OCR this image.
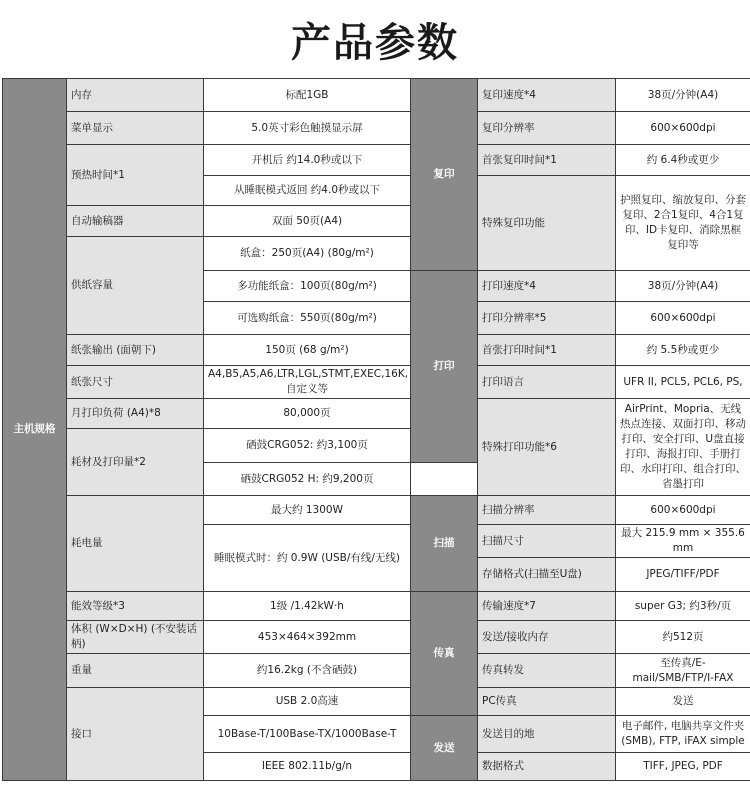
产品参数
主机规格	内存	标配1GB	复印	复印速度*4	38页/分钟(A4)
	菜单显示	5.0英寸彩色触摸显示屏		复印分辨率	600×600dpi
	预热时间*1	开机后 约14.0秒或以下		首张复印时间*1	约 6.4秒或更少
		从睡眠模式返回 约4.0秒或以下		特殊复印功能	护照复印、缩放复印、分套复印、2合1复印、4合1复印、ID卡复印、消除黑框复印等
	自动输稿器	双面 50页(A4)			
	供纸容量	纸盒：250页(A4) (80g/m²)			
		多功能纸盒：100页(80g/m²)	打印	打印速度*4	38页/分钟(A4)
		可选购纸盒：550页(80g/m²)		打印分辨率*5	600×600dpi
	纸张输出 (面朝下)	150页 (68 g/m²)		首张打印时间*1	约 5.5秒或更少
	纸张尺寸	A4,B5,A5,A6,LTR,LGL,STMT,EXEC,16K,自定义等		打印语言	UFR II, PCL5, PCL6, PS,
	月打印负荷 (A4)*8	80,000页		特殊打印功能*6	AirPrint、Mopria、无线热点连接、双面打印、移动打印、安全打印、U盘直接打印、海报打印、手册打印、水印打印、组合打印、省墨打印
	耗材及打印量*2	硒鼓CRG052: 约3,100页			
		硒鼓CRG052 H: 约9,200页			
	耗电量	最大约 1300W	扫描	扫描分辨率	600×600dpi
		睡眠模式时：约 0.9W (USB/有线/无线)		扫描尺寸	最大 215.9 mm × 355.6 mm
				存储格式(扫描至U盘)	JPEG/TIFF/PDF
	能效等级*3	1级 /1.42kW·h	传真	传输速度*7	super G3; 约3秒/页
	体积 (W×D×H) (不安装话柄)	453×464×392mm		发送/接收内存	约512页
	重量	约16.2kg (不含硒鼓)		传真转发	至传真/E-mail/SMB/FTP/I-FAX
	接口	USB 2.0高速		PC传真	发送
		10Base-T/100Base-TX/1000Base-T	发送	发送目的地	电子邮件, 电脑共享文件夹(SMB), FTP, iFAX simple
		IEEE 802.11b/g/n		数据格式	TIFF, JPEG, PDF
